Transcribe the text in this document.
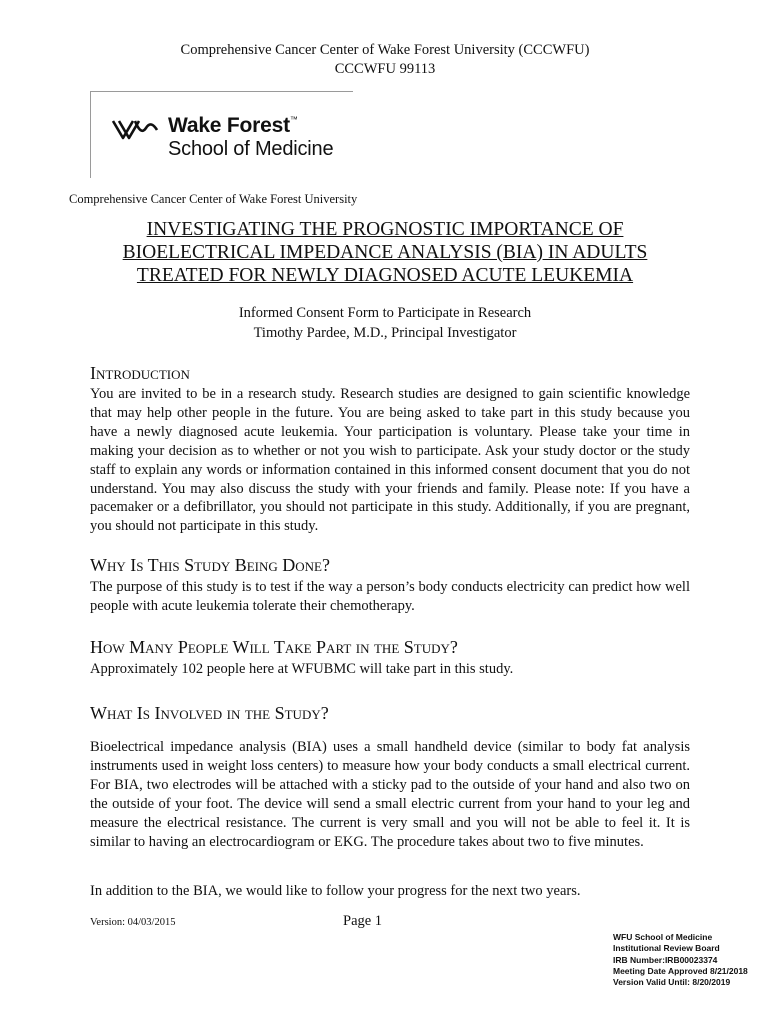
Comprehensive Cancer Center of Wake Forest University (CCCWFU)
CCCWFU 99113
Wake Forest™
School of Medicine
Comprehensive Cancer Center of Wake Forest University
INVESTIGATING THE PROGNOSTIC IMPORTANCE OF
BIOELECTRICAL IMPEDANCE ANALYSIS (BIA) IN ADULTS
TREATED FOR NEWLY DIAGNOSED ACUTE LEUKEMIA
Informed Consent Form to Participate in Research
Timothy Pardee, M.D., Principal Investigator
Introduction
You are invited to be in a research study. Research studies are designed to gain scientific knowledge that may help other people in the future. You are being asked to take part in this study because you have a newly diagnosed acute leukemia. Your participation is voluntary. Please take your time in making your decision as to whether or not you wish to participate. Ask your study doctor or the study staff to explain any words or information contained in this informed consent document that you do not understand. You may also discuss the study with your friends and family. Please note: If you have a pacemaker or a defibrillator, you should not participate in this study. Additionally, if you are pregnant, you should not participate in this study.
Why Is This Study Being Done?
The purpose of this study is to test if the way a person’s body conducts electricity can predict how well people with acute leukemia tolerate their chemotherapy.
How Many People Will Take Part in the Study?
Approximately 102 people here at WFUBMC will take part in this study.
What Is Involved in the Study?
Bioelectrical impedance analysis (BIA) uses a small handheld device (similar to body fat analysis instruments used in weight loss centers) to measure how your body conducts a small electrical current. For BIA, two electrodes will be attached with a sticky pad to the outside of your hand and also two on the outside of your foot. The device will send a small electric current from your hand to your leg and measure the electrical resistance. The current is very small and you will not be able to feel it. It is similar to having an electrocardiogram or EKG. The procedure takes about two to five minutes.
In addition to the BIA, we would like to follow your progress for the next two years.
Version: 04/03/2015	Page 1
WFU School of Medicine
Institutional Review Board
IRB Number:IRB00023374
Meeting Date Approved 8/21/2018
Version Valid Until: 8/20/2019
